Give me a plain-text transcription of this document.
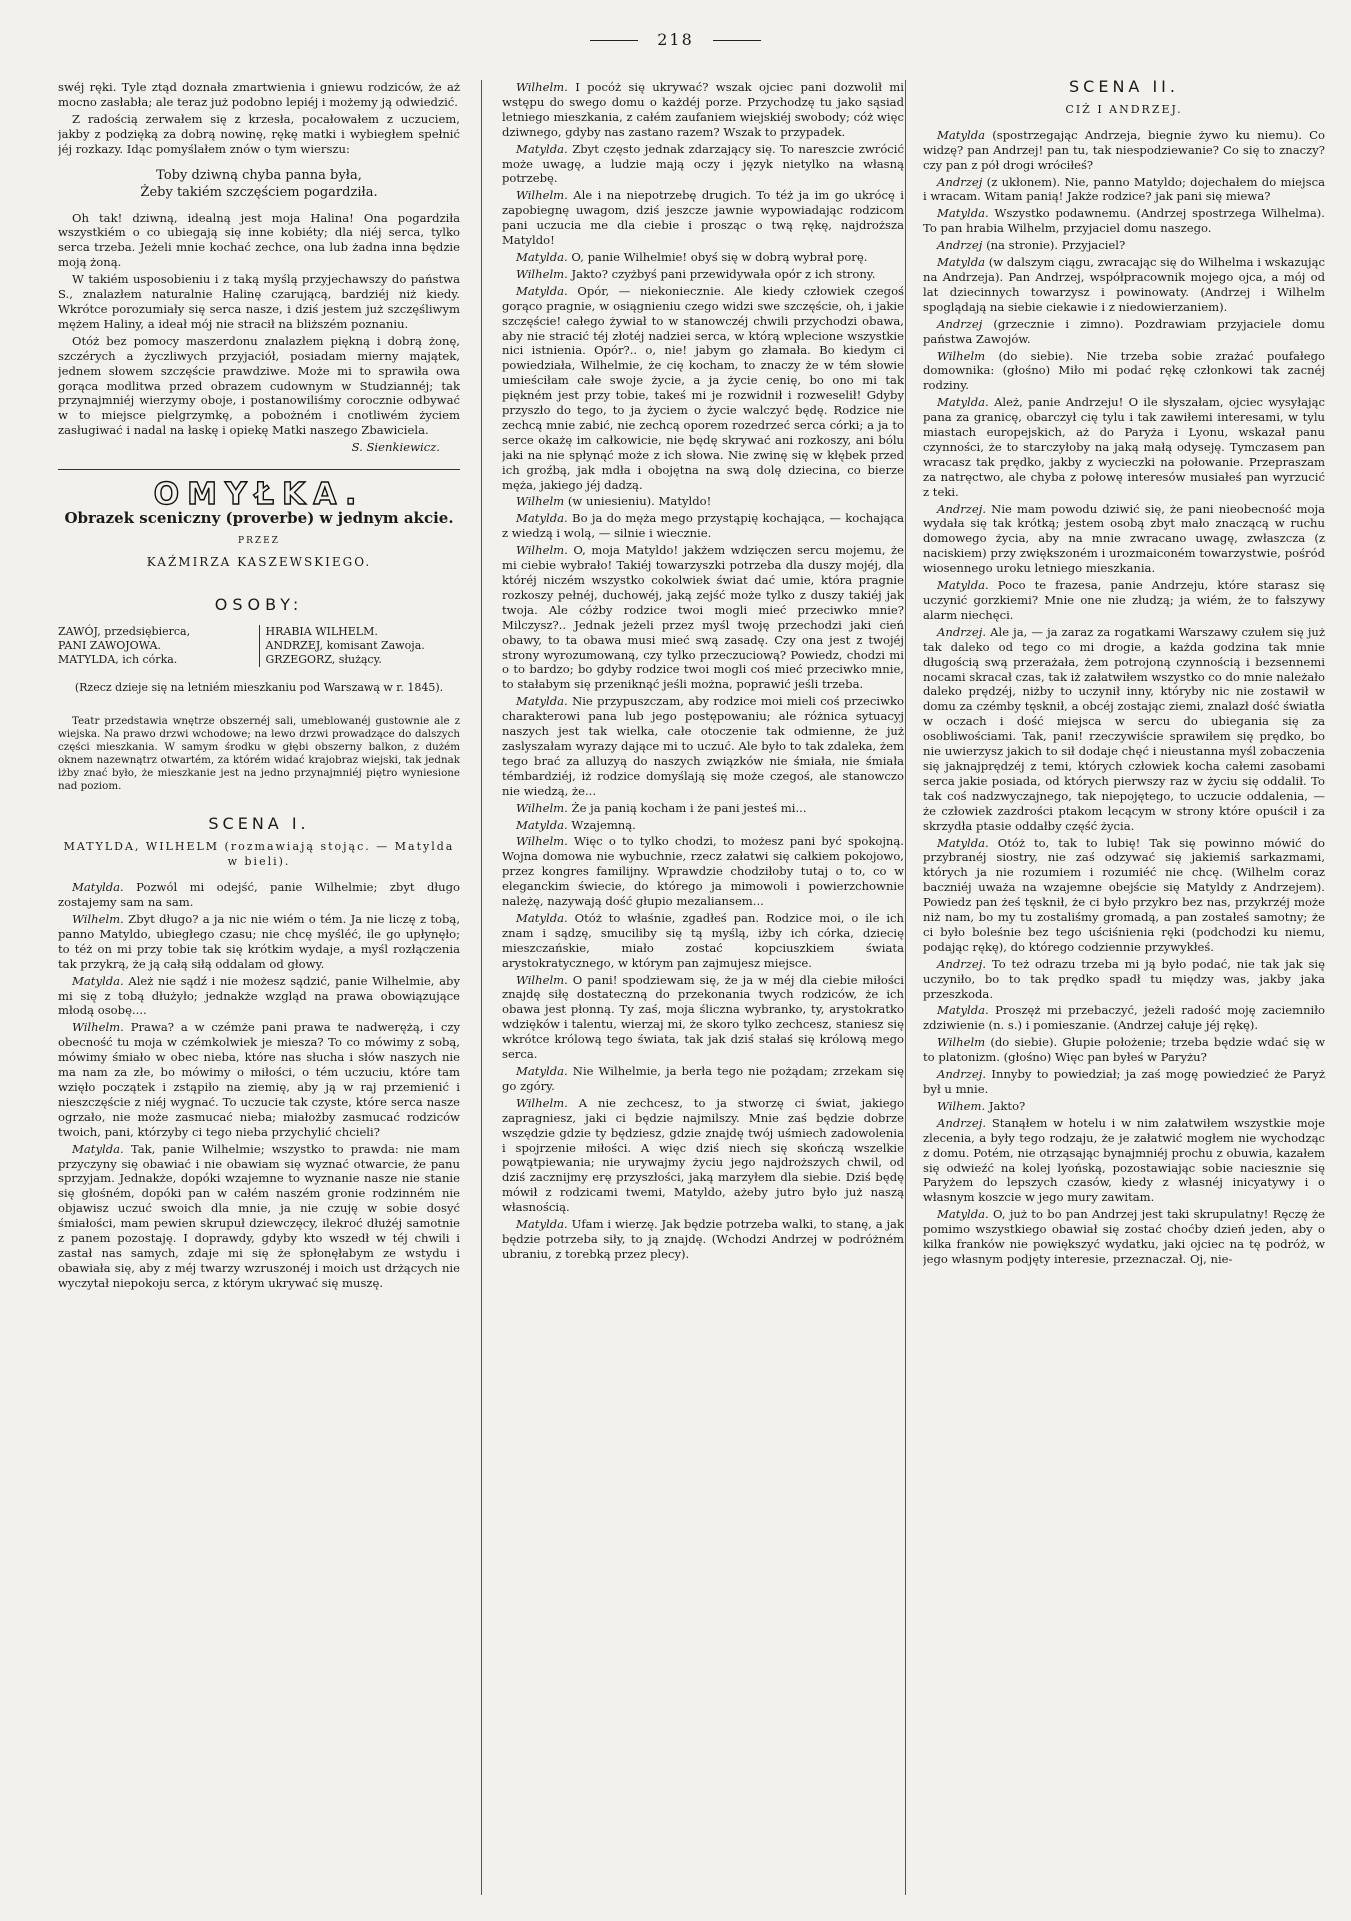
218

swéj ręki. Tyle ztąd doznała zmartwienia i gniewu rodziców, że aż mocno zasłabła; ale teraz już podobno lepiéj i możemy ją odwiedzić.

Z radością zerwałem się z krzesła, pocałowałem z uczuciem, jakby z podzięką za dobrą nowinę, rękę matki i wybiegłem spełnić jéj rozkazy. Idąc pomyślałem znów o tym wierszu:

Toby dziwną chyba panna była,
Żeby takiém szczęściem pogardziła.

Oh tak! dziwną, idealną jest moja Halina! Ona pogardziła wszystkiém o co ubiegają się inne kobiéty; dla niéj serca, tylko serca trzeba. Jeżeli mnie kochać zechce, ona lub żadna inna będzie moją żoną.

W takiém usposobieniu i z taką myślą przyjechawszy do państwa S., znalazłem naturalnie Halinę czarującą, bardziéj niż kiedy. Wkrótce porozumiały się serca nasze, i dziś jestem już szczęśliwym mężem Haliny, a ideał mój nie stracił na bliższém poznaniu.

Otóż bez pomocy maszerdonu znalazłem piękną i dobrą żonę, szczérych a życzliwych przyjaciół, posiadam mierny majątek, jednem słowem szczęście prawdziwe. Może mi to sprawiła owa gorąca modlitwa przed obrazem cudownym w Studziannéj; tak przynajmniéj wierzymy oboje, i postanowiliśmy corocznie odbywać w to miejsce pielgrzymkę, a pobożném i cnotliwém życiem zasługiwać i nadal na łaskę i opiekę Matki naszego Zbawiciela.

S. Sienkiewicz.
OMYŁKA.
Obrazek sceniczny (proverbe) w jednym akcie.
PRZEZ
KAŹMIRZA KASZEWSKIEGO.
OSOBY:
ZAWÓJ, przedsiębierca,
PANI ZAWOJOWA.
MATYLDA, ich córka.
HRABIA WILHELM.
ANDRZEJ, komisant Zawoja.
GRZEGORZ, służący.
(Rzecz dzieje się na letniém mieszkaniu pod Warszawą w r. 1845).

Teatr przedstawia wnętrze obszernéj sali, umeblowanéj gustownie ale z wiejska. Na prawo drzwi wchodowe; na lewo drzwi prowadzące do dalszych części mieszkania. W samym środku w głębi obszerny balkon, z dużém oknem nazewnątrz otwartém, za którém widać krajobraz wiejski, tak jednak iżby znać było, że mieszkanie jest na jedno przynajmniéj piętro wyniesione nad poziom.

SCENA I.
MATYLDA, WILHELM (rozmawiają stojąc. — Matylda w bieli).

Matylda. Pozwól mi odejść, panie Wilhelmie; zbyt długo zostajemy sam na sam.

Wilhelm. Zbyt długo? a ja nic nie wiém o tém. Ja nie liczę z tobą, panno Matyldo, ubiegłego czasu; nie chcę myśléć, ile go upłynęło; to téż on mi przy tobie tak się krótkim wydaje, a myśl rozłączenia tak przykrą, że ją całą siłą oddalam od głowy.

Matylda. Ależ nie sądź i nie możesz sądzić, panie Wilhelmie, aby mi się z tobą dłużyło; jednakże wzgląd na prawa obowiązujące młodą osobę....

Wilhelm. Prawa? a w czémże pani prawa te nadwerężą, i czy obecność tu moja w czémkolwiek je miesza? To co mówimy z sobą, mówimy śmiało w obec nieba, które nas słucha i słów naszych nie ma nam za złe, bo mówimy o miłości, o tém uczuciu, które tam wzięło początek i zstąpiło na ziemię, aby ją w raj przemienić i nieszczęście z niéj wygnać. To uczucie tak czyste, które serca nasze ogrzało, nie może zasmucać nieba; miałożby zasmucać rodziców twoich, pani, którzyby ci tego nieba przychylić chcieli?

Matylda. Tak, panie Wilhelmie; wszystko to prawda: nie mam przyczyny się obawiać i nie obawiam się wyznać otwarcie, że panu sprzyjam. Jednakże, dopóki wzajemne to wyznanie nasze nie stanie się głośném, dopóki pan w całém naszém gronie rodzinném nie objawisz uczuć swoich dla mnie, ja nie czuję w sobie dosyć śmiałości, mam pewien skrupuł dziewczęcy, ilekroć dłużéj samotnie z panem pozostaję. I doprawdy, gdyby kto wszedł w téj chwili i zastał nas samych, zdaje mi się że spłonęłabym ze wstydu i obawiała się, aby z méj twarzy wzruszonéj i moich ust drżących nie wyczytał niepokoju serca, z którym ukrywać się muszę.

Wilhelm. I pocóż się ukrywać? wszak ojciec pani dozwolił mi wstępu do swego domu o każdéj porze. Przychodzę tu jako sąsiad letniego mieszkania, z całém zaufaniem wiejskiéj swobody; cóż więc dziwnego, gdyby nas zastano razem? Wszak to przypadek.

Matylda. Zbyt często jednak zdarzający się. To nareszcie zwrócić może uwagę, a ludzie mają oczy i język nietylko na własną potrzebę.

Wilhelm. Ale i na niepotrzebę drugich. To téż ja im go ukrócę i zapobiegnę uwagom, dziś jeszcze jawnie wypowiadając rodzicom pani uczucia me dla ciebie i prosząc o twą rękę, najdroższa Matyldo!

Matylda. O, panie Wilhelmie! obyś się w dobrą wybrał porę.

Wilhelm. Jakto? czyżbyś pani przewidywała opór z ich strony.

Matylda. Opór, — niekoniecznie. Ale kiedy człowiek czegoś gorąco pragnie, w osiągnieniu czego widzi swe szczęście, oh, i jakie szczęście! całego żywiał to w stanowczéj chwili przychodzi obawa, aby nie stracić téj złotéj nadziei serca, w którą wplecione wszystkie nici istnienia. Opór?.. o, nie! jabym go złamała. Bo kiedym ci powiedziała, Wilhelmie, że cię kocham, to znaczy że w tém słowie umieściłam całe swoje życie, a ja życie cenię, bo ono mi tak piękném jest przy tobie, takeś mi je rozwidnił i rozweselił! Gdyby przyszło do tego, to ja życiem o życie walczyć będę. Rodzice nie zechcą mnie zabić, nie zechcą oporem rozedrzeć serca córki; a ja to serce okażę im całkowicie, nie będę skrywać ani rozkoszy, ani bólu jaki na nie spłynąć może z ich słowa. Nie zwinę się w kłębek przed ich groźbą, jak mdła i obojętna na swą dolę dziecina, co bierze męża, jakiego jéj dadzą.

Wilhelm (w uniesieniu). Matyldo!

Matylda. Bo ja do męża mego przystąpię kochająca, — kochająca z wiedzą i wolą, — silnie i wiecznie.

Wilhelm. O, moja Matyldo! jakżem wdzięczen sercu mojemu, że mi ciebie wybrało! Takiéj towarzyszki potrzeba dla duszy mojéj, dla któréj niczém wszystko cokolwiek świat dać umie, która pragnie rozkoszy pełnéj, duchowéj, jaką zejść może tylko z duszy takiéj jak twoja. Ale cóżby rodzice twoi mogli mieć przeciwko mnie? Milczysz?.. Jednak jeżeli przez myśl twoję przechodzi jaki cień obawy, to ta obawa musi mieć swą zasadę. Czy ona jest z twojéj strony wyrozumowaną, czy tylko przeczuciową? Powiedz, chodzi mi o to bardzo; bo gdyby rodzice twoi mogli coś mieć przeciwko mnie, to stałabym się przeniknąć jeśli można, poprawić jeśli trzeba.

Matylda. Nie przypuszczam, aby rodzice moi mieli coś przeciwko charakterowi pana lub jego postępowaniu; ale różnica sytuacyj naszych jest tak wielka, całe otoczenie tak odmienne, że już zaslyszałam wyrazy dające mi to uczuć. Ale było to tak zdaleka, żem tego brać za alluzyą do naszych związków nie śmiała, nie śmiała témbardziéj, iż rodzice domyślają się może czegoś, ale stanowczo nie wiedzą, że...

Wilhelm. Że ja panią kocham i że pani jesteś mi...

Matylda. Wzajemną.

Wilhelm. Więc o to tylko chodzi, to możesz pani być spokojną. Wojna domowa nie wybuchnie, rzecz załatwi się całkiem pokojowo, przez kongres familijny. Wprawdzie chodziłoby tutaj o to, co w eleganckim świecie, do którego ja mimowoli i powierzchownie należę, nazywają dość głupio mezaliansem...

Matylda. Otóż to właśnie, zgadłeś pan. Rodzice moi, o ile ich znam i sądzę, smuciliby się tą myślą, iżby ich córka, dziecię mieszczańskie, miało zostać kopciuszkiem świata arystokratycznego, w którym pan zajmujesz miejsce.

Wilhelm. O pani! spodziewam się, że ja w méj dla ciebie miłości znajdę siłę dostateczną do przekonania twych rodziców, że ich obawa jest płonną. Ty zaś, moja śliczna wybranko, ty, arystokratko wdzięków i talentu, wierzaj mi, że skoro tylko zechcesz, staniesz się wkrótce królową tego świata, tak jak dziś stałaś się królową mego serca.

Matylda. Nie Wilhelmie, ja berła tego nie pożądam; zrzekam się go zgóry.

Wilhelm. A nie zechcesz, to ja stworzę ci świat, jakiego zapragniesz, jaki ci będzie najmilszy. Mnie zaś będzie dobrze wszędzie gdzie ty będziesz, gdzie znajdę twój uśmiech zadowolenia i spojrzenie miłości. A więc dziś niech się skończą wszelkie powątpiewania; nie urywajmy życiu jego najdroższych chwil, od dziś zacznijmy erę przyszłości, jaką marzyłem dla siebie. Dziś będę mówił z rodzicami twemi, Matyldo, ażeby jutro było już naszą własnością.

Matylda. Ufam i wierzę. Jak będzie potrzeba walki, to stanę, a jak będzie potrzeba siły, to ją znajdę. (Wchodzi Andrzej w podróżném ubraniu, z torebką przez plecy).

SCENA II.
CIŻ I ANDRZEJ.

Matylda (spostrzegając Andrzeja, biegnie żywo ku niemu). Co widzę? pan Andrzej! pan tu, tak niespodziewanie? Co się to znaczy? czy pan z pół drogi wróciłeś?

Andrzej (z ukłonem). Nie, panno Matyldo; dojechałem do miejsca i wracam. Witam panią! Jakże rodzice? jak pani się miewa?

Matylda. Wszystko podawnemu. (Andrzej spostrzega Wilhelma). To pan hrabia Wilhelm, przyjaciel domu naszego.

Andrzej (na stronie). Przyjaciel?

Matylda (w dalszym ciągu, zwracając się do Wilhelma i wskazując na Andrzeja). Pan Andrzej, współpracownik mojego ojca, a mój od lat dziecinnych towarzysz i powinowaty. (Andrzej i Wilhelm spoglądają na siebie ciekawie i z niedowierzaniem).

Andrzej (grzecznie i zimno). Pozdrawiam przyjaciele domu państwa Zawojów.

Wilhelm (do siebie). Nie trzeba sobie zrażać poufałego domownika: (głośno) Miło mi podać rękę członkowi tak zacnéj rodziny.

Matylda. Ależ, panie Andrzeju! O ile słyszałam, ojciec wysyłając pana za granicę, obarczył cię tylu i tak zawiłemi interesami, w tylu miastach europejskich, aż do Paryża i Lyonu, wskazał panu czynności, że to starczyłoby na jaką małą odyseję. Tymczasem pan wracasz tak prędko, jakby z wycieczki na połowanie. Przepraszam za natręctwo, ale chyba z połowę interesów musiałeś pan wyrzucić z teki.

Andrzej. Nie mam powodu dziwić się, że pani nieobecność moja wydała się tak krótką; jestem osobą zbyt mało znaczącą w ruchu domowego życia, aby na mnie zwracano uwagę, zwłaszcza (z naciskiem) przy zwiększoném i urozmaiconém towarzystwie, pośród wiosennego uroku letniego mieszkania.

Matylda. Poco te frazesa, panie Andrzeju, które starasz się uczynić gorzkiemi? Mnie one nie złudzą; ja wiém, że to fałszywy alarm niechęci.

Andrzej. Ale ja, — ja zaraz za rogatkami Warszawy czułem się już tak daleko od tego co mi drogie, a każda godzina tak mnie długością swą przerażała, żem potrojoną czynnością i bezsennemi nocami skracał czas, tak iż załatwiłem wszystko co do mnie należało daleko prędzéj, niżby to uczynił inny, któryby nic nie zostawił w domu za czémby tęsknił, a obcéj zostając ziemi, znalazł dość światła w oczach i dość miejsca w sercu do ubiegania się za osobliwościami. Tak, pani! rzeczywiście sprawiłem się prędko, bo nie uwierzysz jakich to sił dodaje chęć i nieustanna myśl zobaczenia się jaknajprędzéj z temi, których człowiek kocha całemi zasobami serca jakie posiada, od których pierwszy raz w życiu się oddalił. To tak coś nadzwyczajnego, tak niepojętego, to uczucie oddalenia, — że człowiek zazdrości ptakom lecącym w strony które opuścił i za skrzydła ptasie oddałby część życia.

Matylda. Otóż to, tak to lubię! Tak się powinno mówić do przybranéj siostry, nie zaś odzywać się jakiemiś sarkazmami, których ja nie rozumiem i rozumiéć nie chcę. (Wilhelm coraz baczniéj uważa na wzajemne obejście się Matyldy z Andrzejem). Powiedz pan żeś tęsknił, że ci było przykro bez nas, przykrzéj może niż nam, bo my tu zostaliśmy gromadą, a pan zostałeś samotny; że ci było boleśnie bez tego uściśnienia ręki (podchodzi ku niemu, podając rękę), do którego codziennie przywykłeś.

Andrzej. To też odrazu trzeba mi ją było podać, nie tak jak się uczyniło, bo to tak prędko spadł tu między was, jakby jaka przeszkoda.

Matylda. Proszęż mi przebaczyć, jeżeli radość moję zaciemniło zdziwienie (n. s.) i pomieszanie. (Andrzej całuje jéj rękę).

Wilhelm (do siebie). Głupie położenie; trzeba będzie wdać się w to platonizm. (głośno) Więc pan byłeś w Paryżu?

Andrzej. Innyby to powiedział; ja zaś mogę powiedzieć że Paryż był u mnie.

Wilhem. Jakto?

Andrzej. Stanąłem w hotelu i w nim załatwiłem wszystkie moje zlecenia, a były tego rodzaju, że je załatwić mogłem nie wychodząc z domu. Potém, nie otrząsając bynajmniéj prochu z obuwia, kazałem się odwieźć na kolej lyońską, pozostawiając sobie naciesznie się Paryżem do lepszych czasów, kiedy z własnéj inicyatywy i o własnym koszcie w jego mury zawitam.

Matylda. O, już to bo pan Andrzej jest taki skrupulatny! Ręczę że pomimo wszystkiego obawiał się zostać choćby dzień jeden, aby o kilka franków nie powiększyć wydatku, jaki ojciec na tę podróż, w jego własnym podjęty interesie, przeznaczał. Oj, nie-
